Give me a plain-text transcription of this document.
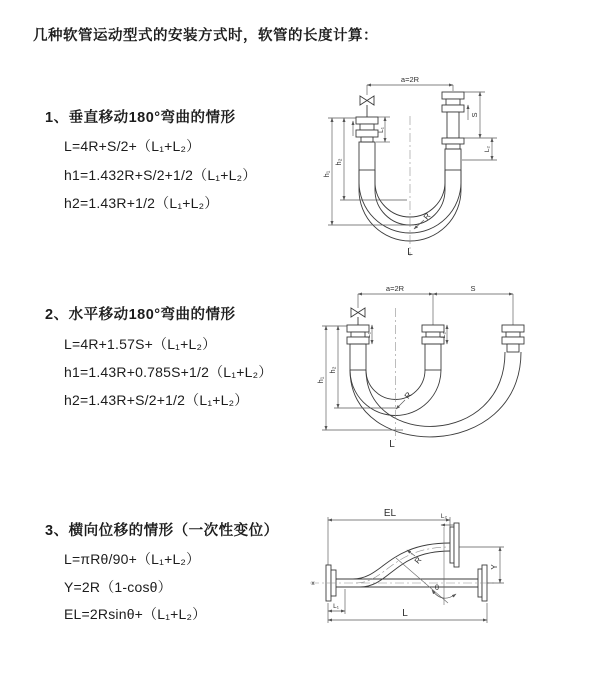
几种软管运动型式的安装方式时，软管的长度计算：
1、垂直移动180°弯曲的情形
L=4R+S/2+（L₁+L₂）
h1=1.432R+S/2+1/2（L₁+L₂）
h2=1.43R+1/2（L₁+L₂）
2、水平移动180°弯曲的情形
L=4R+1.57S+（L₁+L₂）
h1=1.43R+0.785S+1/2（L₁+L₂）
h2=1.43R+S/2+1/2（L₁+L₂）
3、横向位移的情形（一次性变位）
L=πRθ/90+（L₁+L₂）
Y=2R（1-cosθ）
EL=2Rsinθ+（L₁+L₂）
a=2R
h₁
h₂
L₁
S
L₂
R
L
a=2R	S
h₁
h₂
L₁	L₂
R
L
EL	L₂
x
Y
θ
R
L₁
L
